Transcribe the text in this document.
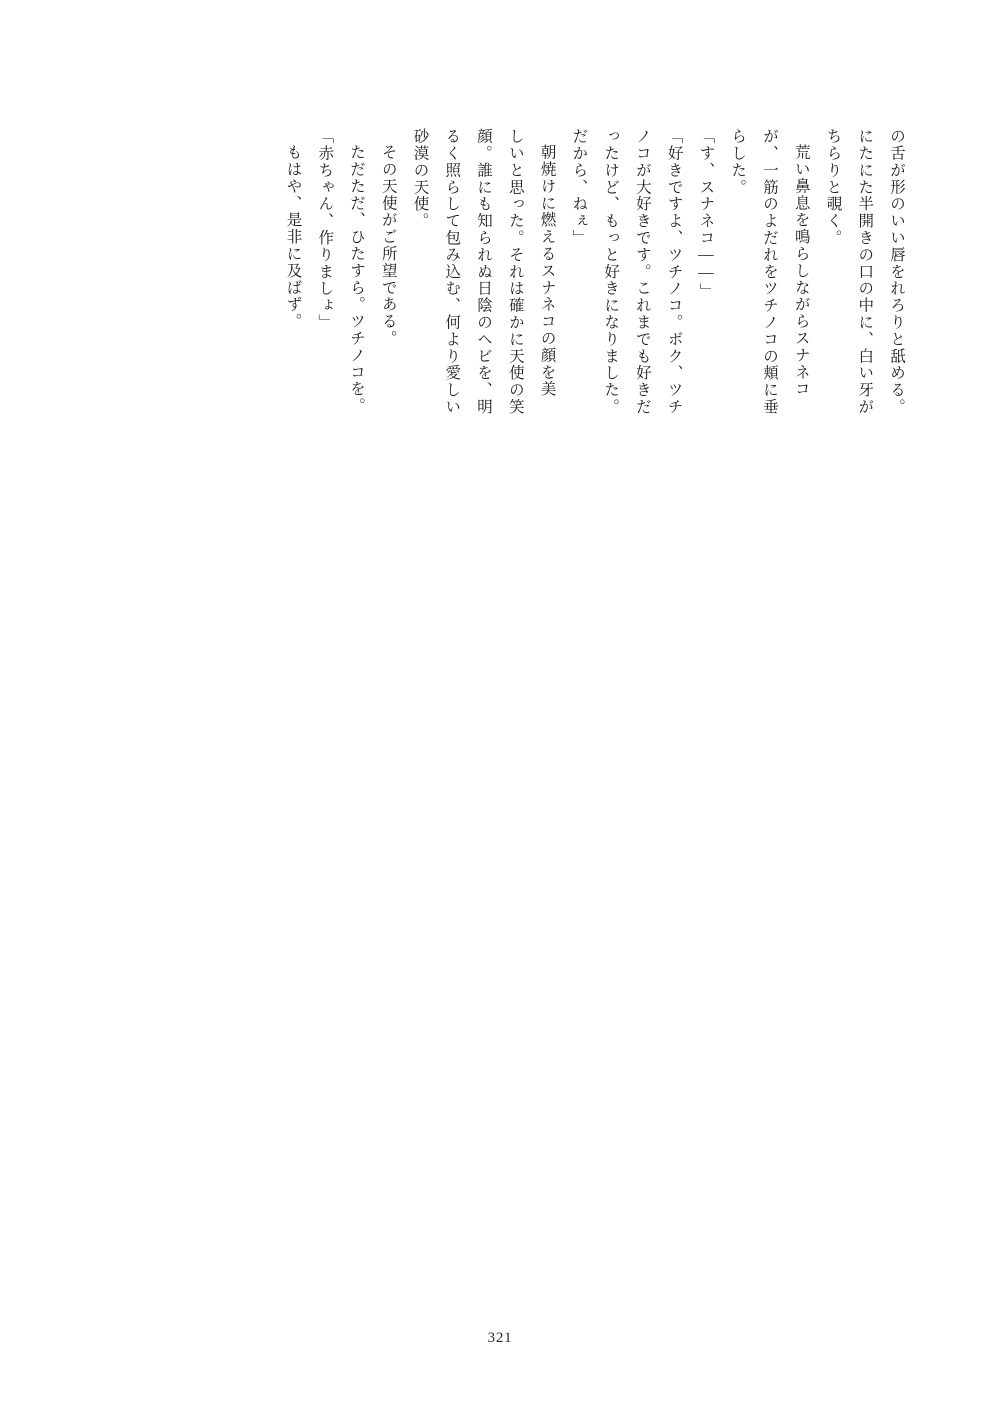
の舌が形のいい唇をれろりと舐める。

にたにた半開きの口の中に、白い牙が

ちらりと覗く。

荒い鼻息を鳴らしながらスナネコ

が、一筋のよだれをツチノコの頬に垂

らした。

「す、スナネコ——」

「好きですよ、ツチノコ。ボク、ツチ

ノコが大好きです。これまでも好きだ

ったけど、もっと好きになりました。

だから、ねぇ」

朝焼けに燃えるスナネコの顔を美

しいと思った。それは確かに天使の笑

顔。誰にも知られぬ日陰のヘビを、明

るく照らして包み込む、何より愛しい

砂漠の天使。

その天使がご所望である。

ただただ、ひたすら。ツチノコを。

「赤ちゃん、作りましょ」

もはや、是非に及ばず。

321
